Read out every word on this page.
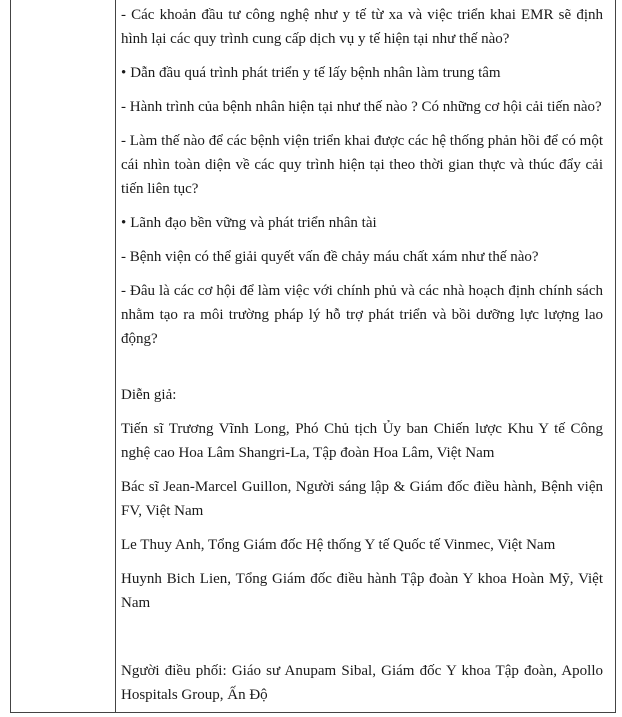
- Các khoản đầu tư công nghệ như y tế từ xa và việc triển khai EMR sẽ định hình lại các quy trình cung cấp dịch vụ y tế hiện tại như thế nào?

• Dẫn đầu quá trình phát triển y tế lấy bệnh nhân làm trung tâm

- Hành trình của bệnh nhân hiện tại như thế nào ? Có những cơ hội cải tiến nào?

- Làm thế nào để các bệnh viện triển khai được các hệ thống phản hồi để có một cái nhìn toàn diện về các quy trình hiện tại theo thời gian thực và thúc đẩy cải tiến liên tục?

• Lãnh đạo bền vững và phát triển nhân tài

- Bệnh viện có thể giải quyết vấn đề chảy máu chất xám như thế nào?

- Đâu là các cơ hội để làm việc với chính phủ và các nhà hoạch định chính sách nhằm tạo ra môi trường pháp lý hỗ trợ phát triển và bồi dưỡng lực lượng lao động?

Diễn giả:

Tiến sĩ Trương Vĩnh Long, Phó Chủ tịch Ủy ban Chiến lược Khu Y tế Công nghệ cao Hoa Lâm Shangri-La, Tập đoàn Hoa Lâm, Việt Nam

Bác sĩ Jean-Marcel Guillon, Người sáng lập & Giám đốc điều hành, Bệnh viện FV, Việt Nam

Le Thuy Anh, Tổng Giám đốc Hệ thống Y tế Quốc tế Vinmec, Việt Nam

Huynh Bich Lien, Tổng Giám đốc điều hành Tập đoàn Y khoa Hoàn Mỹ, Việt Nam

Người điều phối: Giáo sư Anupam Sibal, Giám đốc Y khoa Tập đoàn, Apollo Hospitals Group, Ấn Độ
